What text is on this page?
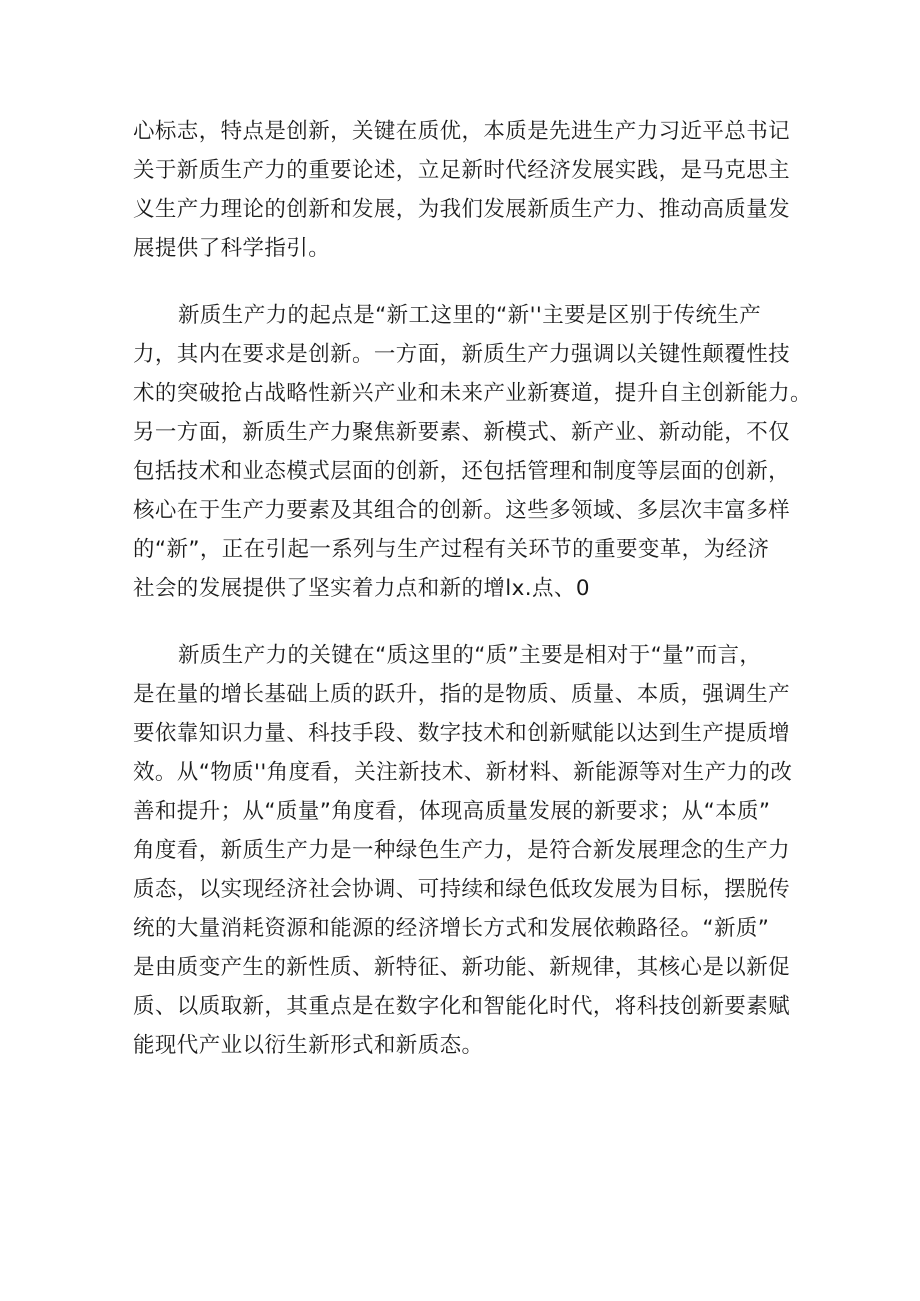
心标志，特点是创新，关键在质优，本质是先进生产力习近平总书记
关于新质生产力的重要论述，立足新时代经济发展实践，是马克思主
义生产力理论的创新和发展，为我们发展新质生产力、推动高质量发
展提供了科学指引。
新质生产力的起点是“新工这里的“新''主要是区别于传统生产
力，其内在要求是创新。一方面，新质生产力强调以关键性颠覆性技
术的突破抢占战略性新兴产业和未来产业新赛道，提升自主创新能力。
另一方面，新质生产力聚焦新要素、新模式、新产业、新动能，不仅
包括技术和业态模式层面的创新，还包括管理和制度等层面的创新，
核心在于生产力要素及其组合的创新。这些多领域、多层次丰富多样
的“新”，正在引起一系列与生产过程有关环节的重要变革，为经济
社会的发展提供了坚实着力点和新的增lx.点、0
新质生产力的关键在“质这里的“质”主要是相对于“量”而言，
是在量的增长基础上质的跃升，指的是物质、质量、本质，强调生产
要依靠知识力量、科技手段、数字技术和创新赋能以达到生产提质增
效。从“物质''角度看，关注新技术、新材料、新能源等对生产力的改
善和提升；从“质量”角度看，体现高质量发展的新要求；从“本质”
角度看，新质生产力是一种绿色生产力，是符合新发展理念的生产力
质态，以实现经济社会协调、可持续和绿色低玫发展为目标，摆脱传
统的大量消耗资源和能源的经济增长方式和发展依赖路径。“新质”
是由质变产生的新性质、新特征、新功能、新规律，其核心是以新促
质、以质取新，其重点是在数字化和智能化时代，将科技创新要素赋
能现代产业以衍生新形式和新质态。
